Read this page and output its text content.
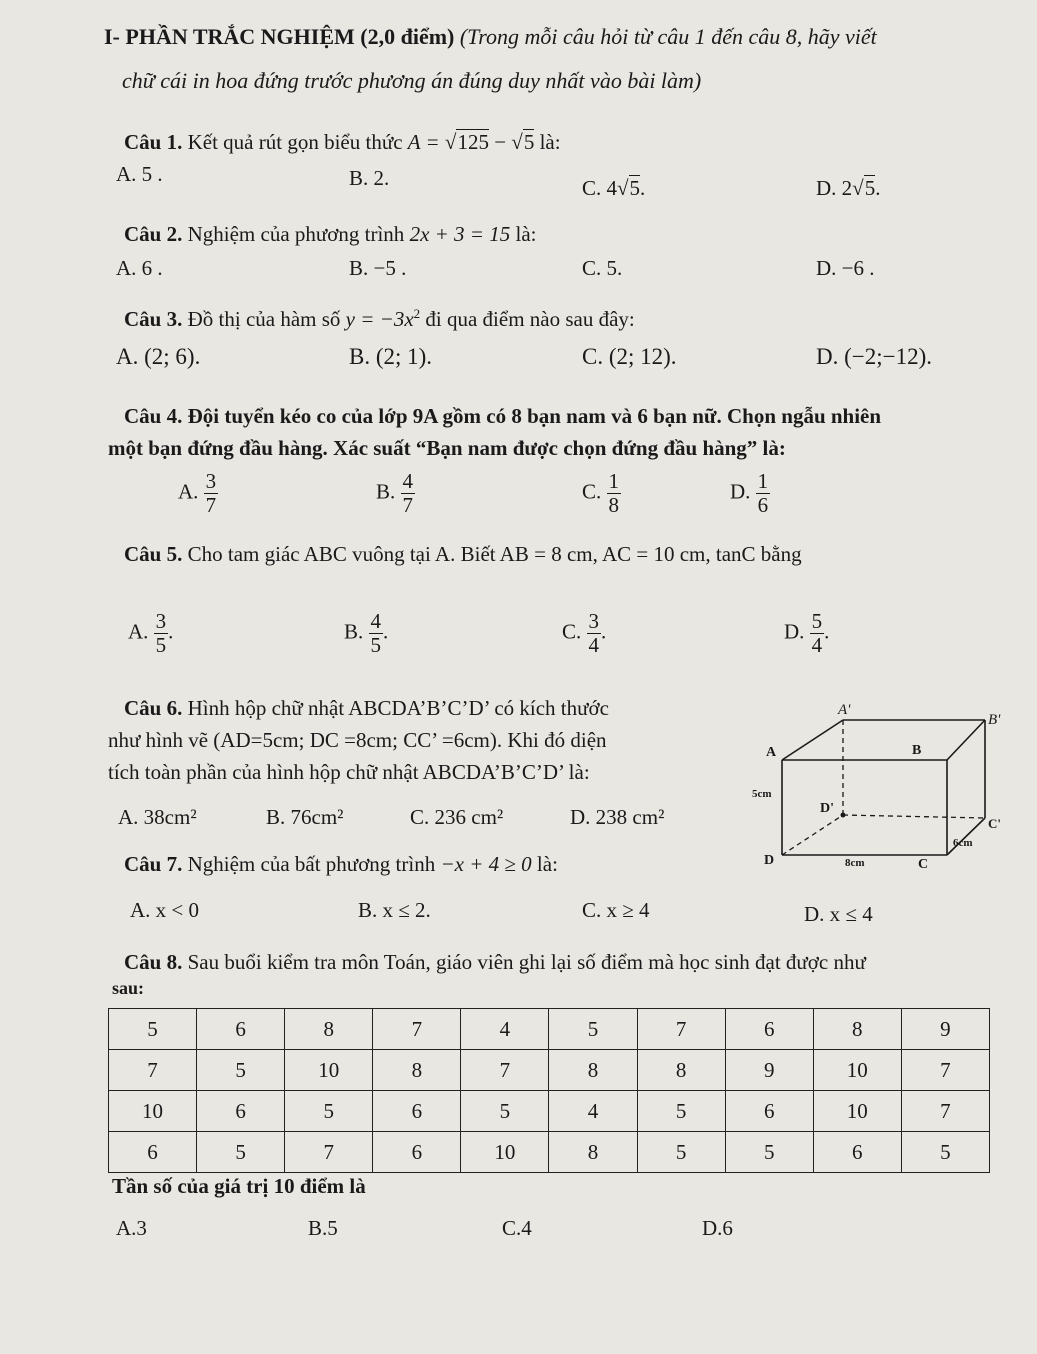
I- PHẦN TRẮC NGHIỆM (2,0 điểm) (Trong mỗi câu hỏi từ câu 1 đến câu 8, hãy viết
chữ cái in hoa đứng trước phương án đúng duy nhất vào bài làm)
Câu 1. Kết quả rút gọn biểu thức A = √125 − √5 là:
A. 5 .	B. 2.	C. 4√5.	D. 2√5.
Câu 2. Nghiệm của phương trình 2x + 3 = 15 là:
A. 6 .	B. −5 .	C. 5.	D. −6 .
Câu 3. Đồ thị của hàm số $y = -3x^2$ đi qua điểm nào sau đây:
A. (2; 6).	B. (2; 1).	C. (2; 12).	D. (−2;−12).
Câu 4. Đội tuyển kéo co của lớp 9A gồm có 8 bạn nam và 6 bạn nữ. Chọn ngẫu nhiên
một bạn đứng đầu hàng. Xác suất “Bạn nam được chọn đứng đầu hàng” là:
A. $\frac{3}{7}$	B. $\frac{4}{7}$	C. $\frac{1}{8}$	D. $\frac{1}{6}$
Câu 5. Cho tam giác ABC vuông tại A. Biết AB = 8 cm, AC = 10 cm, tanC bằng
A. $\frac{3}{5}$ .	B. $\frac{4}{5}$ .	C. $\frac{3}{4}$ .	D. $\frac{5}{4}$ .
Câu 6. Hình hộp chữ nhật ABCDA’B’C’D’ có kích thước
như hình vẽ (AD=5cm; DC =8cm; CC’ =6cm). Khi đó diện
tích toàn phần của hình hộp chữ nhật ABCDA’B’C’D’ là:
A. 38cm²	B. 76cm²	C. 236 cm²	D. 238 cm²
A'
B'
A	B
5cm
D'
C'
6cm
D	8cm	C
Câu 7. Nghiệm của bất phương trình −x + 4 ≥ 0 là:
A. x < 0	B. x ≤ 2.	C. x ≥ 4	D. x ≤ 4
Câu 8. Sau buổi kiểm tra môn Toán, giáo viên ghi lại số điểm mà học sinh đạt được như
sau:
5	6	8	7	4	5	7	6	8	9
7	5	10	8	7	8	8	9	10	7
10	6	5	6	5	4	5	6	10	7
6	5	7	6	10	8	5	5	6	5
Tần số của giá trị 10 điểm là
A.3	B.5	C.4	D.6
